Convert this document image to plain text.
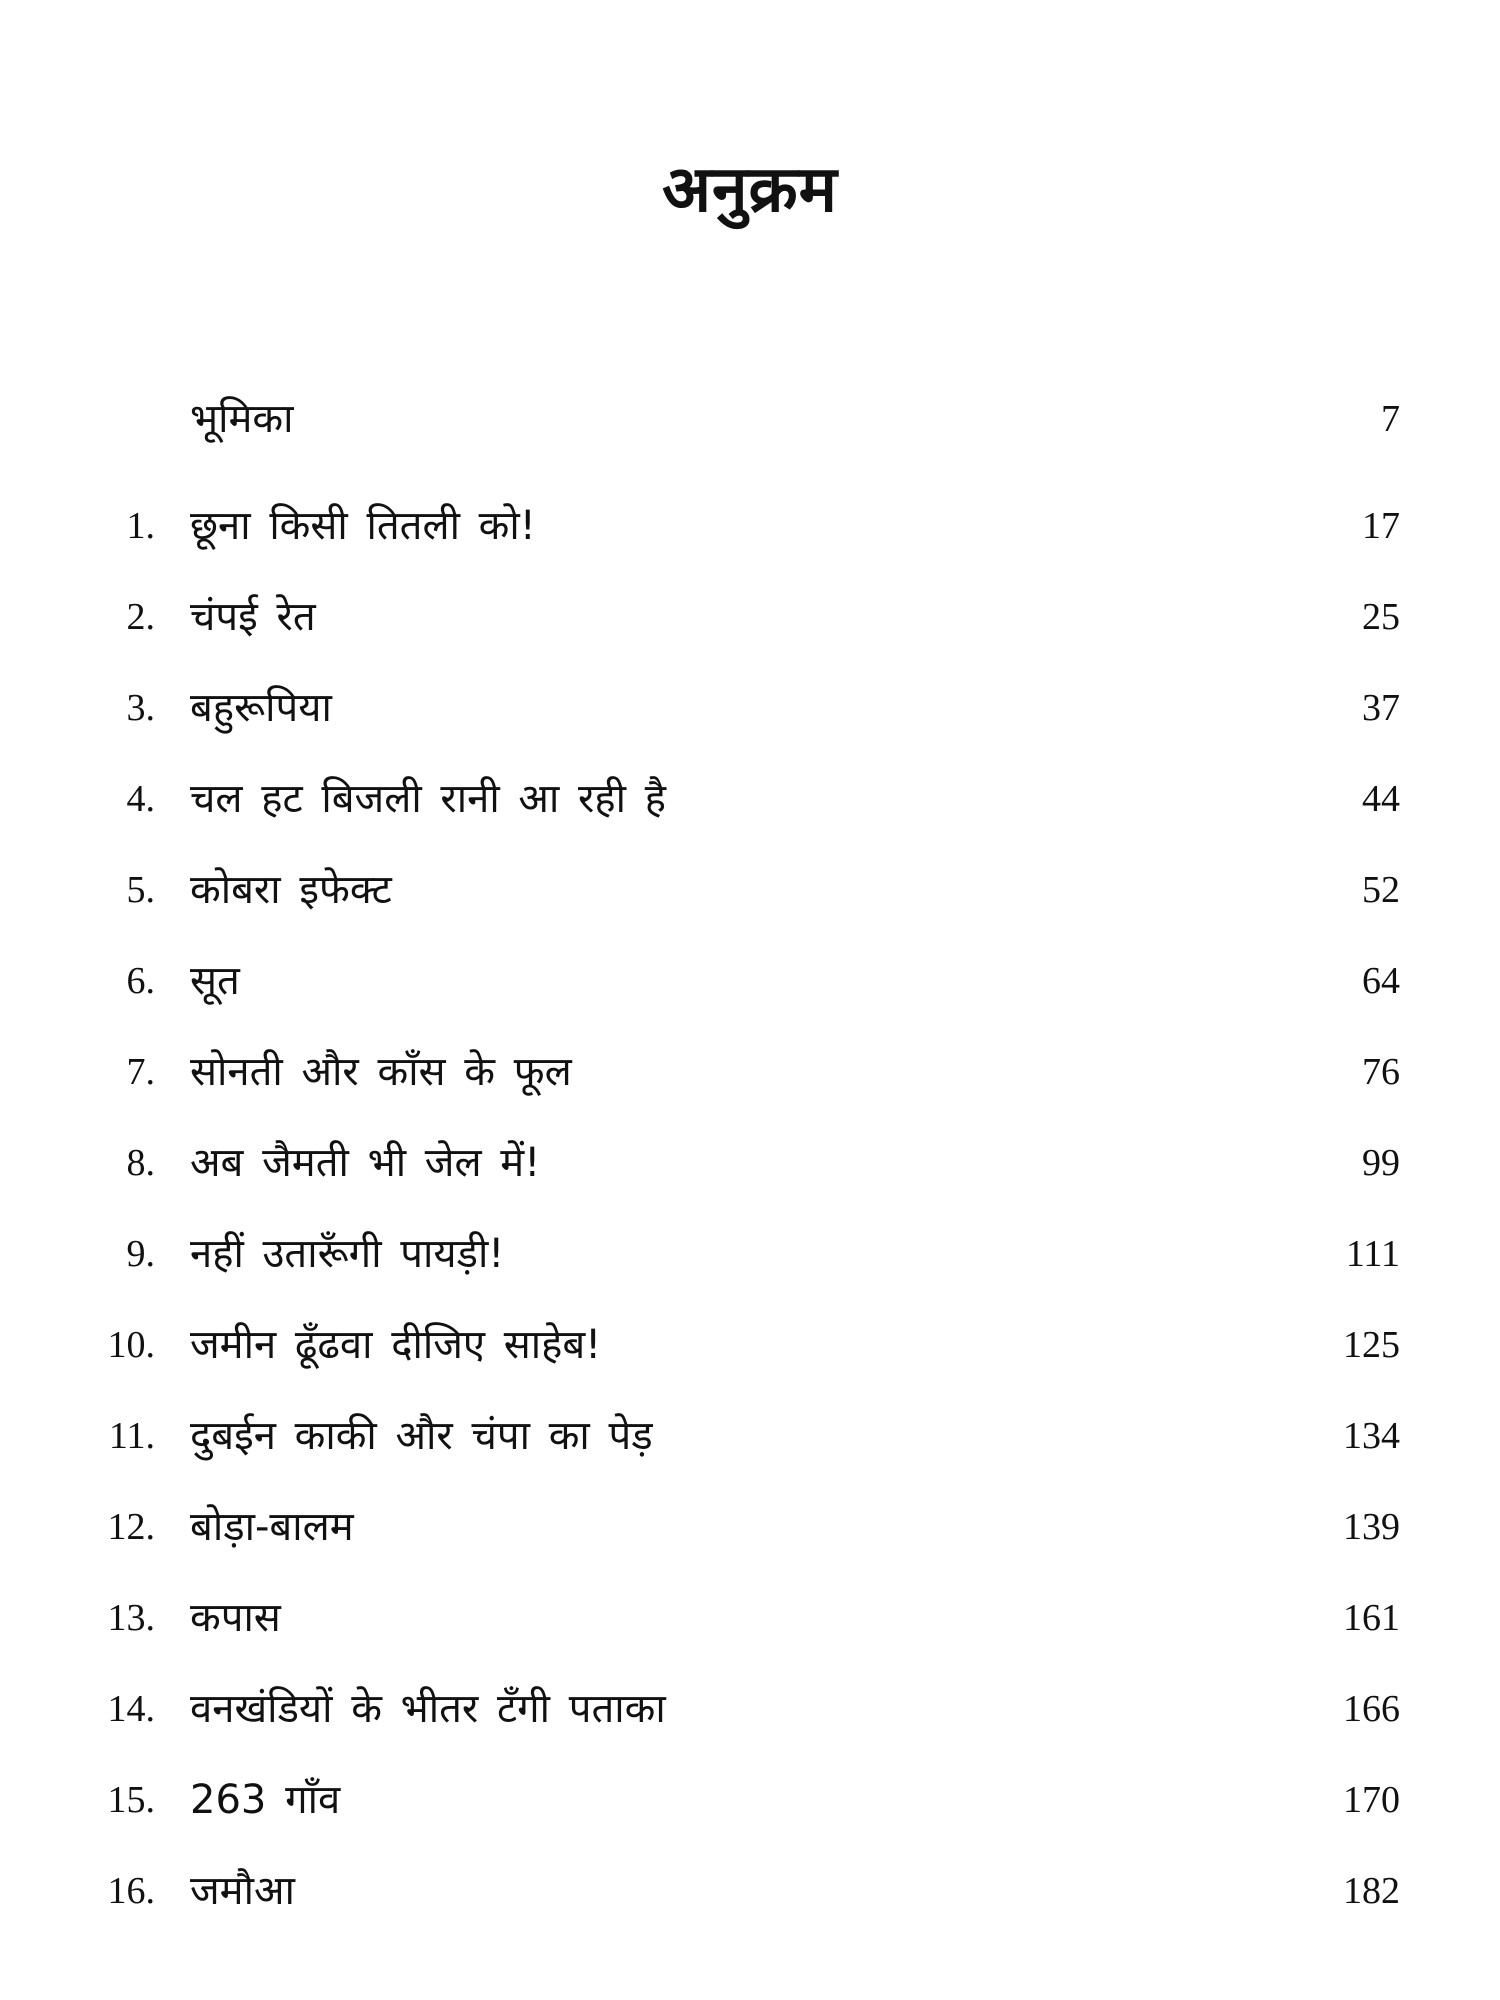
अनुक्रम
भूमिका	7
1. छूना किसी तितली को!	17
2. चंपई रेत	25
3. बहुरूपिया	37
4. चल हट बिजली रानी आ रही है	44
5. कोबरा इफेक्ट	52
6. सूत	64
7. सोनती और काँस के फूल	76
8. अब जैमती भी जेल में!	99
9. नहीं उतारूँगी पायड़ी!	111
10. जमीन ढूँढवा दीजिए साहेब!	125
11. दुबईन काकी और चंपा का पेड़	134
12. बोड़ा-बालम	139
13. कपास	161
14. वनखंडियों के भीतर टँगी पताका	166
15. 263 गाँव	170
16. जमौआ	182
